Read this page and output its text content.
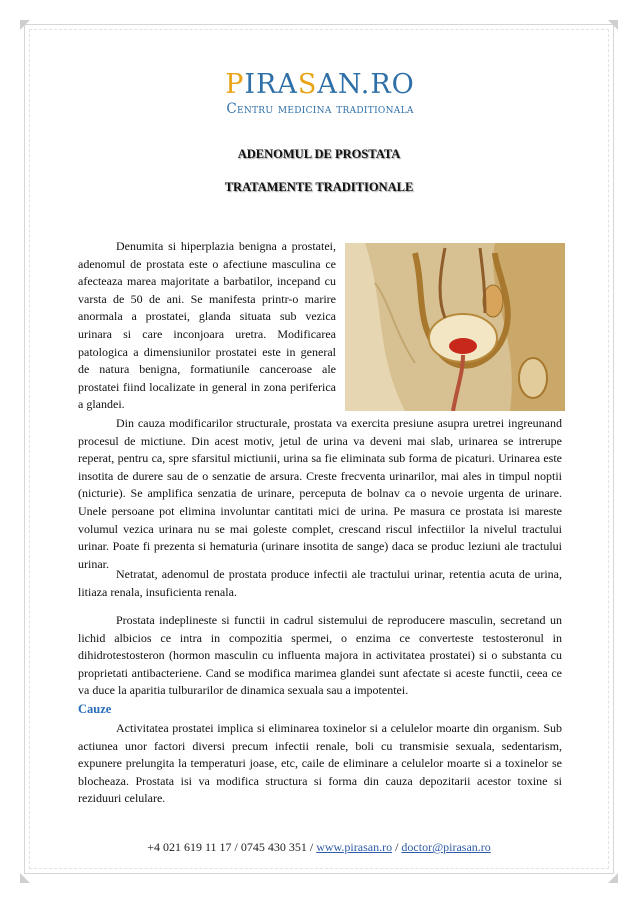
PIRASAN.RO
Centru medicina traditionala
ADENOMUL DE PROSTATA
TRATAMENTE TRADITIONALE

Denumita si hiperplazia benigna a prostatei, adenomul de prostata este o afectiune masculina ce afecteaza marea majoritate a barbatilor, incepand cu varsta de 50 de ani. Se manifesta printr-o marire anormala a prostatei, glanda situata sub vezica urinara si care inconjoara uretra. Modificarea patologica a dimensiunilor prostatei este in general de natura benigna, formatiunile canceroase ale prostatei fiind localizate in general in zona periferica a glandei.

Din cauza modificarilor structurale, prostata va exercita presiune asupra uretrei ingreunand procesul de mictiune. Din acest motiv, jetul de urina va deveni mai slab, urinarea se intrerupe reperat, pentru ca, spre sfarsitul mictiunii, urina sa fie eliminata sub forma de picaturi. Urinarea este insotita de durere sau de o senzatie de arsura. Creste frecventa urinarilor, mai ales in timpul noptii (nicturie). Se amplifica senzatia de urinare, perceputa de bolnav ca o nevoie urgenta de urinare. Unele persoane pot elimina involuntar cantitati mici de urina. Pe masura ce prostata isi mareste volumul vezica urinara nu se mai goleste complet, crescand riscul infectiilor la nivelul tractului urinar. Poate fi prezenta si hematuria (urinare insotita de sange) daca se produc leziuni ale tractului urinar.

Netratat, adenomul de prostata produce infectii ale tractului urinar, retentia acuta de urina, litiaza renala, insuficienta renala.

Prostata indeplineste si functii in cadrul sistemului de reproducere masculin, secretand un lichid albicios ce intra in compozitia spermei, o enzima ce converteste testosteronul in dihidrotestosteron (hormon masculin cu influenta majora in activitatea prostatei) si o substanta cu proprietati antibacteriene. Cand se modifica marimea glandei sunt afectate si aceste functii, ceea ce va duce la aparitia tulburarilor de dinamica sexuala sau a impotentei.

Cauze

Activitatea prostatei implica si eliminarea toxinelor si a celulelor moarte din organism. Sub actiunea unor factori diversi precum infectii renale, boli cu transmisie sexuala, sedentarism, expunere prelungita la temperaturi joase, etc, caile de eliminare a celulelor moarte si a toxinelor se blocheaza. Prostata isi va modifica structura si forma din cauza depozitarii acestor toxine si reziduuri celulare.

+4 021 619 11 17 / 0745 430 351 / www.pirasan.ro / doctor@pirasan.ro
